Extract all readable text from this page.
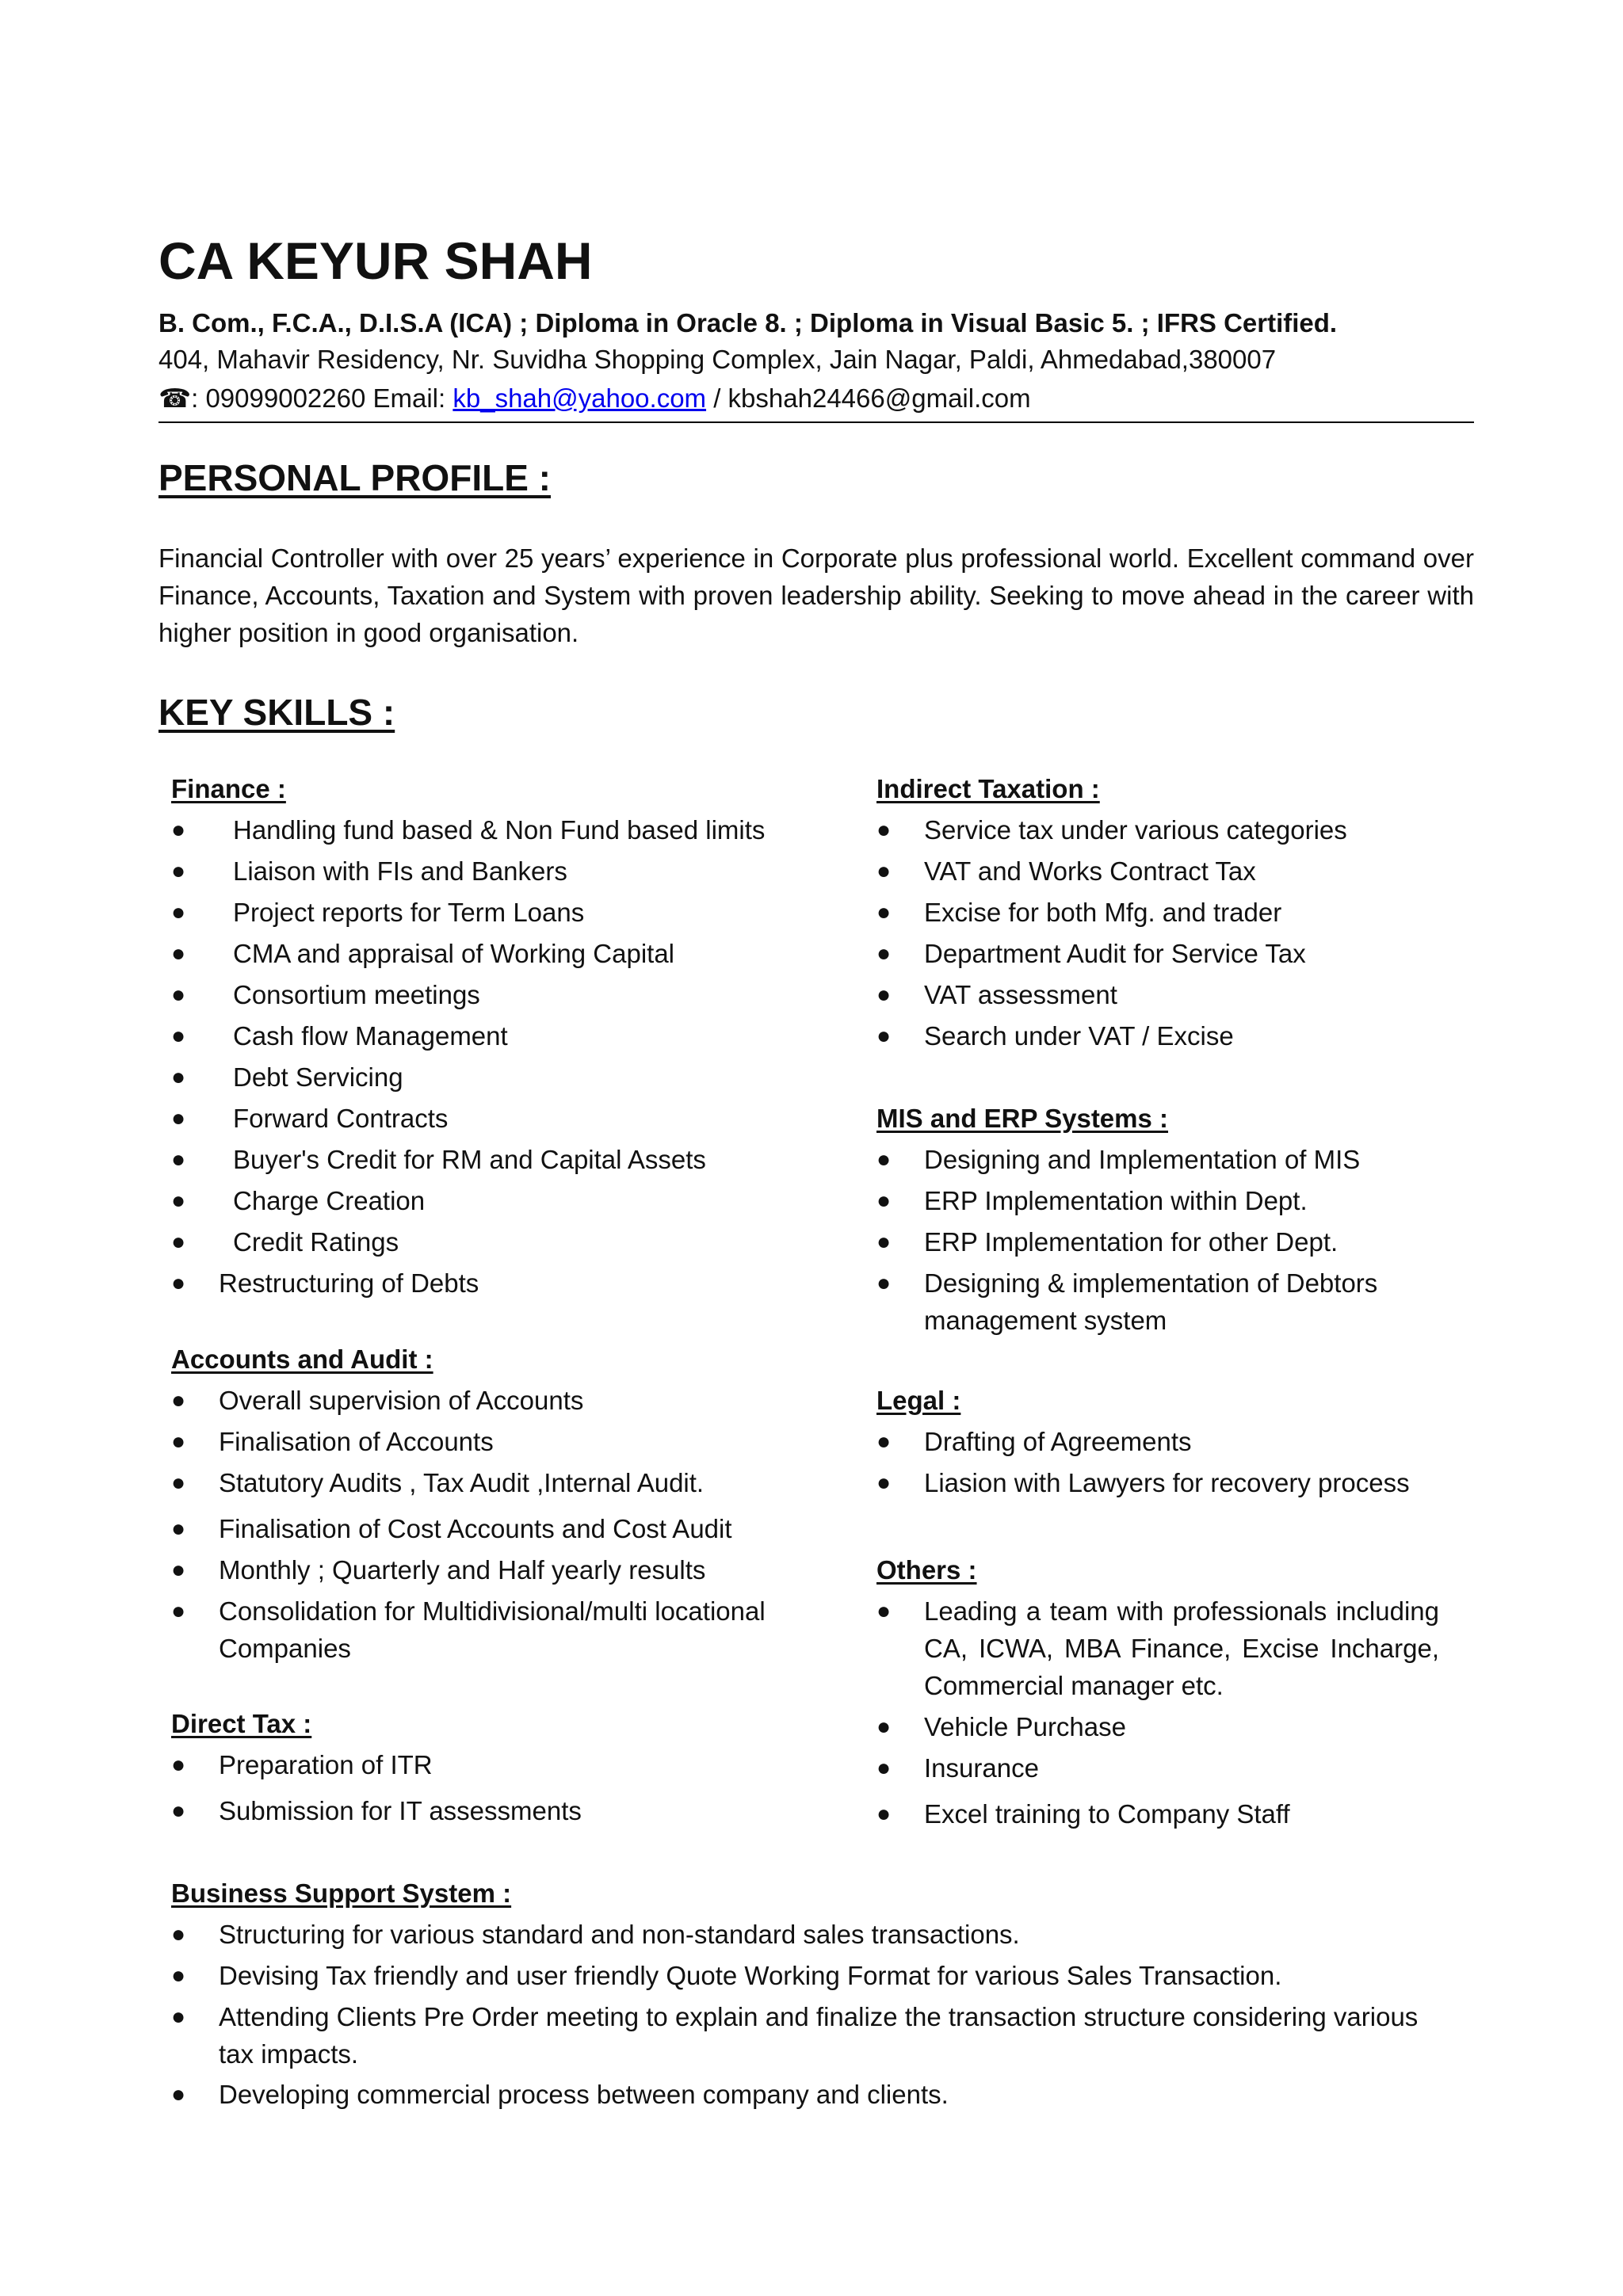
CA KEYUR SHAH
B. Com., F.C.A., D.I.S.A (ICA) ; Diploma in Oracle 8. ; Diploma in Visual Basic 5. ; IFRS Certified.
404, Mahavir Residency, Nr. Suvidha Shopping Complex, Jain Nagar, Paldi, Ahmedabad,380007
☎: 09099002260 Email: kb_shah@yahoo.com / kbshah24466@gmail.com
PERSONAL PROFILE :
Financial Controller with over 25 years’ experience in Corporate plus professional world. Excellent command over Finance, Accounts, Taxation and System with proven leadership ability. Seeking to move ahead in the career with higher position in good organisation.
KEY SKILLS :
Finance :
●	Handling fund based & Non Fund based limits
●	Liaison with FIs and Bankers
●	Project reports for Term Loans
●	CMA and appraisal of Working Capital
●	Consortium meetings
●	Cash flow Management
●	Debt Servicing
●	Forward Contracts
●	Buyer's Credit for RM and Capital Assets
●	Charge Creation
●	Credit Ratings
●	Restructuring of Debts
Accounts and Audit :
●	Overall supervision of Accounts
●	Finalisation of Accounts
●	Statutory Audits , Tax Audit ,Internal Audit.
●	Finalisation of Cost Accounts and Cost Audit
●	Monthly ; Quarterly and Half yearly results
●	Consolidation for Multidivisional/multi locational Companies
Direct Tax :
●	Preparation of ITR
●	Submission for IT assessments
Indirect Taxation :
●	Service tax under various categories
●	VAT and Works Contract Tax
●	Excise for both Mfg. and trader
●	Department Audit for Service Tax
●	VAT assessment
●	Search under VAT / Excise
MIS and ERP Systems :
●	Designing and Implementation of MIS
●	ERP Implementation within Dept.
●	ERP Implementation for other Dept.
●	Designing & implementation of Debtors management system
Legal :
●	Drafting of Agreements
●	Liasion with Lawyers for recovery process
Others :
●	Leading a team with professionals including CA, ICWA, MBA Finance, Excise Incharge, Commercial manager etc.
●	Vehicle Purchase
●	Insurance
●	Excel training to Company Staff
Business Support System :
●	Structuring for various standard and non-standard sales transactions.
●	Devising Tax friendly and user friendly Quote Working Format for various Sales Transaction.
●	Attending Clients Pre Order meeting to explain and finalize the transaction structure considering various tax impacts.
●	Developing commercial process between company and clients.
